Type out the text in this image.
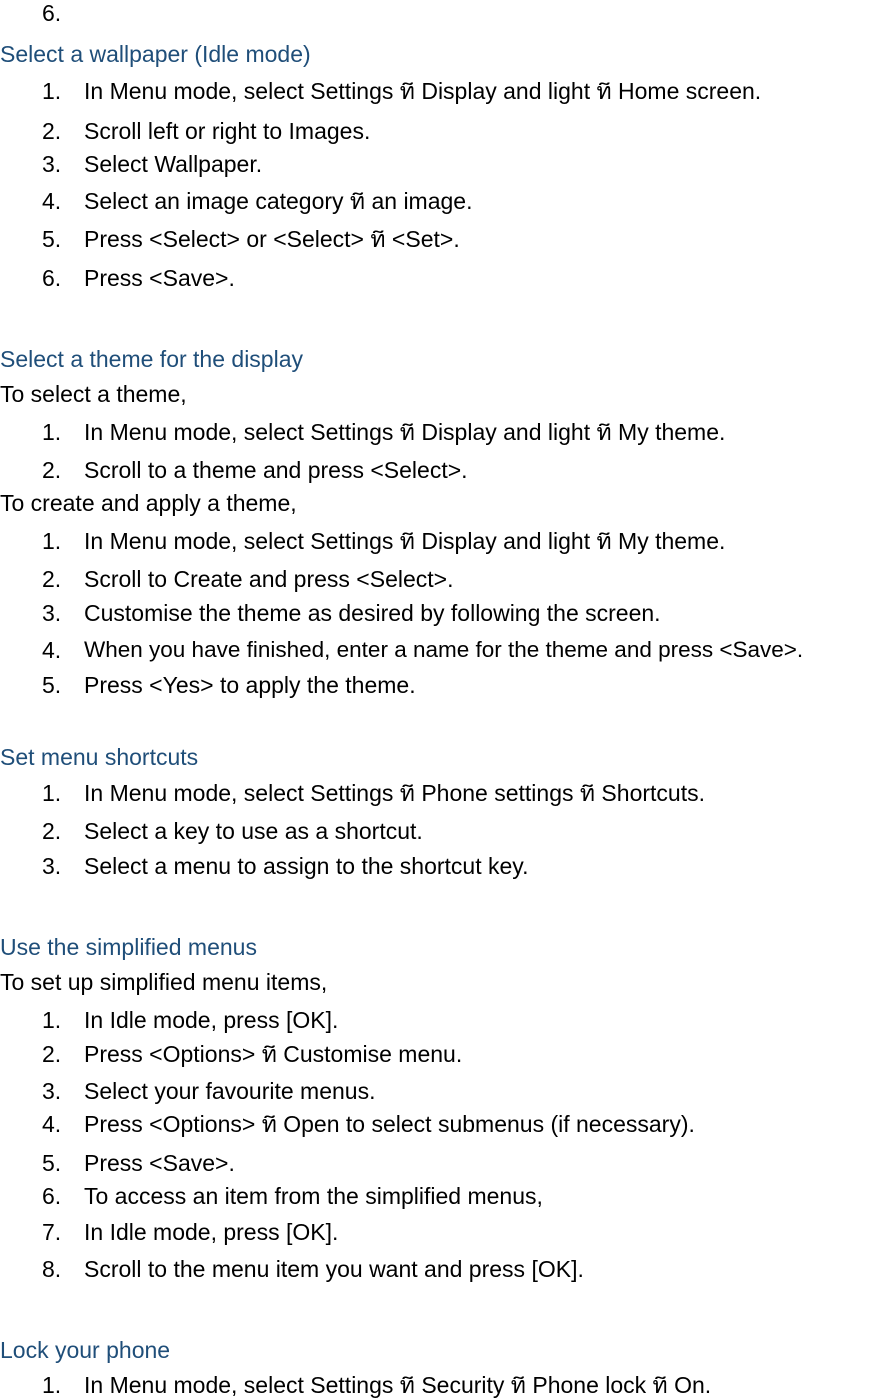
6.
Select a wallpaper (Idle mode)
1. In Menu mode, select Settings ท̃ Display and light ท̃ Home screen.
2. Scroll left or right to Images.
3. Select Wallpaper.
4. Select an image category ท̃ an image.
5. Press <Select> or <Select> ท̃ <Set>.
6. Press <Save>.
Select a theme for the display
To select a theme,
1. In Menu mode, select Settings ท̃ Display and light ท̃ My theme.
2. Scroll to a theme and press <Select>.
To create and apply a theme,
1. In Menu mode, select Settings ท̃ Display and light ท̃ My theme.
2. Scroll to Create and press <Select>.
3. Customise the theme as desired by following the screen.
4. When you have finished, enter a name for the theme and press <Save>.
5. Press <Yes> to apply the theme.
Set menu shortcuts
1. In Menu mode, select Settings ท̃ Phone settings ท̃ Shortcuts.
2. Select a key to use as a shortcut.
3. Select a menu to assign to the shortcut key.
Use the simplified menus
To set up simplified menu items,
1. In Idle mode, press [OK].
2. Press <Options> ท̃ Customise menu.
3. Select your favourite menus.
4. Press <Options> ท̃ Open to select submenus (if necessary).
5. Press <Save>.
6. To access an item from the simplified menus,
7. In Idle mode, press [OK].
8. Scroll to the menu item you want and press [OK].
Lock your phone
1. In Menu mode, select Settings ท̃ Security ท̃ Phone lock ท̃ On.
